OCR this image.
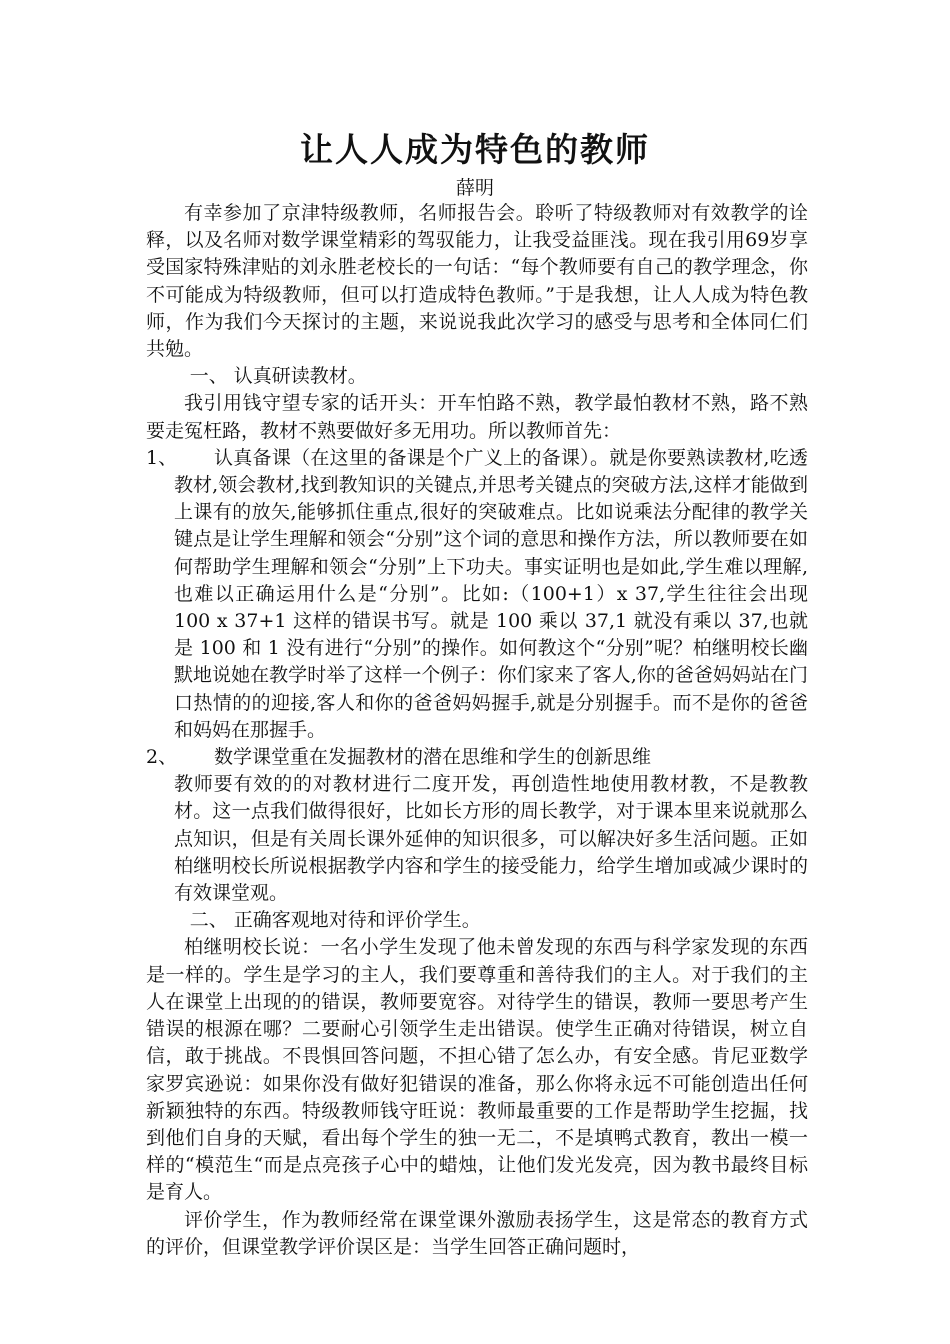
让人人成为特色的教师
薛明

有幸参加了京津特级教师，名师报告会。聆听了特级教师对有效教学的诠释，以及名师对数学课堂精彩的驾驭能力，让我受益匪浅。现在我引用69岁享受国家特殊津贴的刘永胜老校长的一句话：“每个教师要有自己的教学理念，你不可能成为特级教师，但可以打造成特色教师。”于是我想，让人人成为特色教师，作为我们今天探讨的主题，来说说我此次学习的感受与思考和全体同仁们共勉。

一、 认真研读教材。

我引用钱守望专家的话开头：开车怕路不熟，教学最怕教材不熟，路不熟要走冤枉路，教材不熟要做好多无用功。所以教师首先：

1、	认真备课（在这里的备课是个广义上的备课）。就是你要熟读教材,吃透教材,领会教材,找到教知识的关键点,并思考关键点的突破方法,这样才能做到上课有的放矢,能够抓住重点,很好的突破难点。比如说乘法分配律的教学关键点是让学生理解和领会“分别”这个词的意思和操作方法，所以教师要在如何帮助学生理解和领会“分别”上下功夫。事实证明也是如此,学生难以理解,也难以正确运用什么是“分别”。比如:（100+1）x 37,学生往往会出现 100 x 37+1 这样的错误书写。就是 100 乘以 37,1 就没有乘以 37,也就是 100 和 1 没有进行“分别”的操作。如何教这个“分别”呢？柏继明校长幽默地说她在教学时举了这样一个例子：你们家来了客人,你的爸爸妈妈站在门口热情的的迎接,客人和你的爸爸妈妈握手,就是分别握手。而不是你的爸爸和妈妈在那握手。

2、	数学课堂重在发掘教材的潜在思维和学生的创新思维

教师要有效的的对教材进行二度开发，再创造性地使用教材教，不是教教材。这一点我们做得很好，比如长方形的周长教学，对于课本里来说就那么点知识，但是有关周长课外延伸的知识很多，可以解决好多生活问题。正如柏继明校长所说根据教学内容和学生的接受能力，给学生增加或减少课时的有效课堂观。

二、 正确客观地对待和评价学生。

柏继明校长说：一名小学生发现了他未曾发现的东西与科学家发现的东西是一样的。学生是学习的主人，我们要尊重和善待我们的主人。对于我们的主人在课堂上出现的的错误，教师要宽容。对待学生的错误，教师一要思考产生错误的根源在哪？二要耐心引领学生走出错误。使学生正确对待错误，树立自信，敢于挑战。不畏惧回答问题，不担心错了怎么办，有安全感。肯尼亚数学家罗宾逊说：如果你没有做好犯错误的准备，那么你将永远不可能创造出任何新颖独特的东西。特级教师钱守旺说：教师最重要的工作是帮助学生挖掘，找到他们自身的天赋，看出每个学生的独一无二，不是填鸭式教育，教出一模一样的“模范生“而是点亮孩子心中的蜡烛，让他们发光发亮，因为教书最终目标是育人。

评价学生，作为教师经常在课堂课外激励表扬学生，这是常态的教育方式的评价，但课堂教学评价误区是：当学生回答正确问题时，
